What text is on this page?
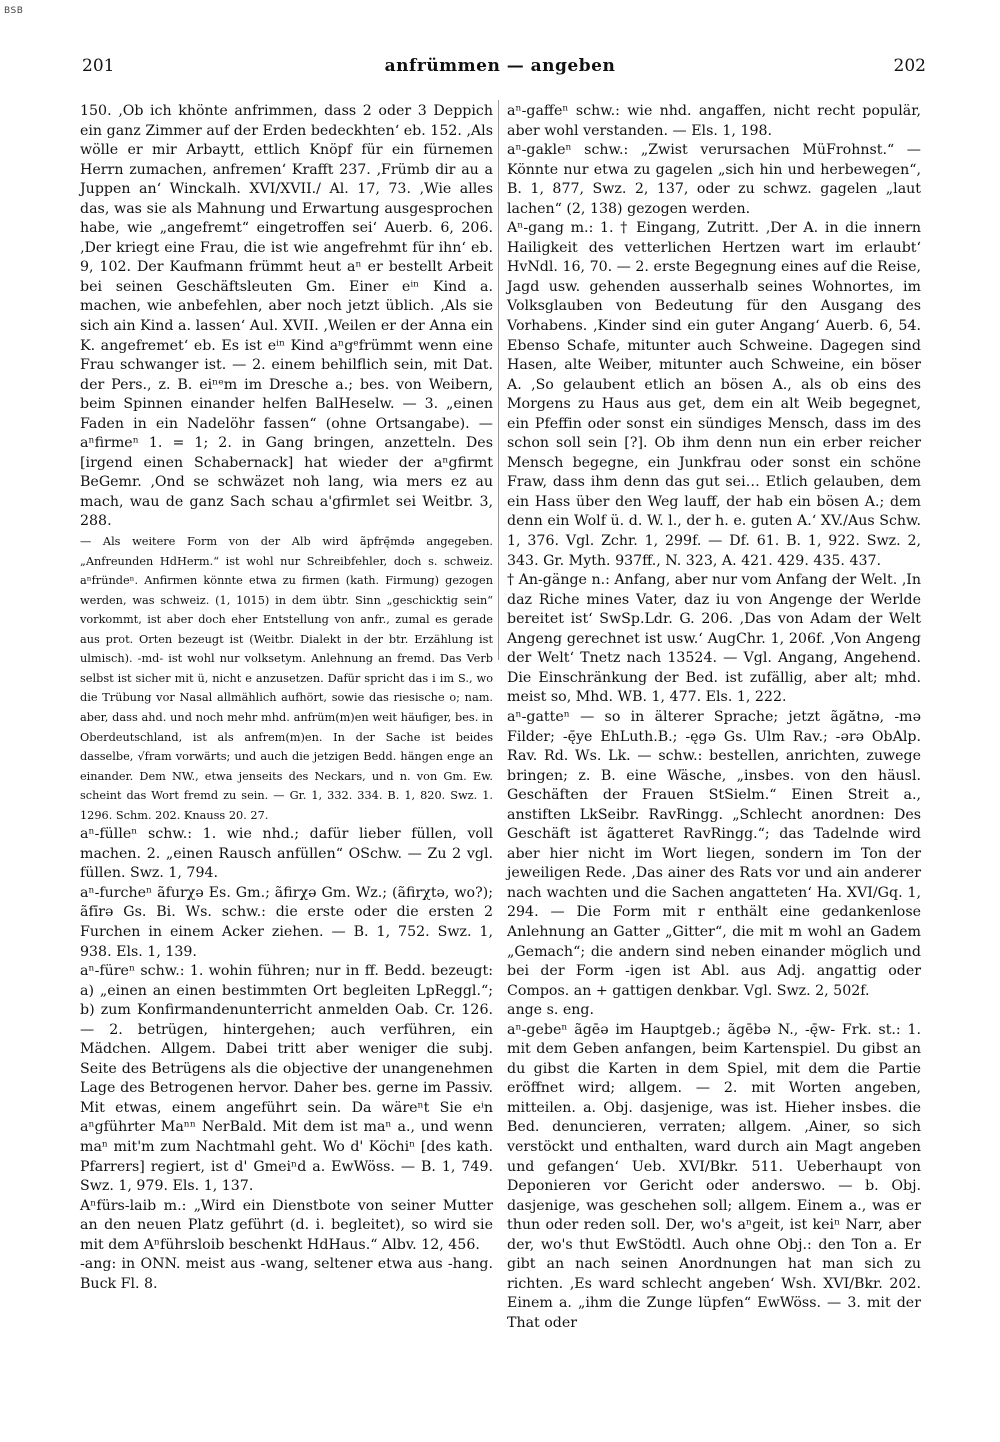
BSB
201	anfrümmen — angeben	202

150. ‚Ob ich khönte anfrimmen, dass 2 oder 3 Deppich ein ganz Zimmer auf der Erden bedeckhten‘ eb. 152. ‚Als wölle er mir Arbaytt, ettlich Knöpf für ein fürnemen Herrn zumachen, anfremen‘ Krafft 237. ‚Frümb dir au a Juppen an‘ Winckalh. XVI/XVII./ Al. 17, 73. ‚Wie alles das, was sie als Mahnung und Erwartung ausgesprochen habe, wie „angefremt“ eingetroffen sei‘ Auerb. 6, 206. ‚Der kriegt eine Frau, die ist wie angefrehmt für ihn‘ eb. 9, 102. Der Kaufmann frümmt heut aⁿ er bestellt Arbeit bei seinen Geschäftsleuten Gm. Einer eⁱⁿ Kind a. machen, wie anbefehlen, aber noch jetzt üblich. ‚Als sie sich ain Kind a. lassen‘ Aul. XVII. ‚Weilen er der Anna ein K. angefremet‘ eb. Es ist eⁱⁿ Kind aⁿgᵉfrümmt wenn eine Frau schwanger ist. — 2. einem behilflich sein, mit Dat. der Pers., z. B. eiⁿᵉm im Dresche a.; bes. von Weibern, beim Spinnen einander helfen BalHeselw. — 3. „einen Faden in ein Nadelöhr fassen“ (ohne Ortsangabe). — aⁿfirmeⁿ 1. = 1; 2. in Gang bringen, anzetteln. Des [irgend einen Schabernack] hat wieder der aⁿgfirmt BeGemr. ‚Ond se schwäzet noh lang, wia mers ez au mach, wau de ganz Sach schau a'gfirmlet sei Weitbr. 3, 288.

— Als weitere Form von der Alb wird ãpfrę̄mdə angegeben. „Anfreunden HdHerm.“ ist wohl nur Schreibfehler, doch s. schweiz. aⁿfründeⁿ. Anfirmen könnte etwa zu firmen (kath. Firmung) gezogen werden, was schweiz. (1, 1015) in dem übtr. Sinn „geschicktig sein“ vorkommt, ist aber doch eher Entstellung von anfr., zumal es gerade aus prot. Orten bezeugt ist (Weitbr. Dialekt in der btr. Erzählung ist ulmisch). -md- ist wohl nur volksetym. Anlehnung an fremd. Das Verb selbst ist sicher mit ü, nicht e anzusetzen. Dafür spricht das i im S., wo die Trübung vor Nasal allmählich aufhört, sowie das riesische o; nam. aber, dass ahd. und noch mehr mhd. anfrüm(m)en weit häufiger, bes. in Oberdeutschland, ist als anfrem(m)en. In der Sache ist beides dasselbe, √fram vorwärts; und auch die jetzigen Bedd. hängen enge an einander. Dem NW., etwa jenseits des Neckars, und n. von Gm. Ew. scheint das Wort fremd zu sein. — Gr. 1, 332. 334. B. 1, 820. Swz. 1. 1296. Schm. 202. Knauss 20. 27.

aⁿ-fülleⁿ schw.: 1. wie nhd.; dafür lieber füllen, voll machen. 2. „einen Rausch anfüllen“ OSchw. — Zu 2 vgl. füllen. Swz. 1, 794.

aⁿ-furcheⁿ ãfurχə Es. Gm.; ãfirχə Gm. Wz.; (ãfirχtə, wo?); ãfīrə Gs. Bi. Ws. schw.: die erste oder die ersten 2 Furchen in einem Acker ziehen. — B. 1, 752. Swz. 1, 938. Els. 1, 139.

aⁿ-füreⁿ schw.: 1. wohin führen; nur in ff. Bedd. bezeugt: a) „einen an einen bestimmten Ort begleiten LpReggl.“; b) zum Konfirmandenunterricht anmelden Oab. Cr. 126. — 2. betrügen, hintergehen; auch verführen, ein Mädchen. Allgem. Dabei tritt aber weniger die subj. Seite des Betrügens als die objective der unangenehmen Lage des Betrogenen hervor. Daher bes. gerne im Passiv. Mit etwas, einem angeführt sein. Da wäreⁿt Sie eⁱn aⁿgführter Maⁿⁿ NerBald. Mit dem ist maⁿ a., und wenn maⁿ mit'm zum Nachtmahl geht. Wo d' Köchiⁿ [des kath. Pfarrers] regiert, ist d' Gmeiⁿd a. EwWöss. — B. 1, 749. Swz. 1, 979. Els. 1, 137.

Aⁿfürs-laib m.: „Wird ein Dienstbote von seiner Mutter an den neuen Platz geführt (d. i. begleitet), so wird sie mit dem Aⁿführsloib beschenkt HdHaus.“ Albv. 12, 456.

-ang: in ONN. meist aus -wang, seltener etwa aus -hang. Buck Fl. 8.

aⁿ-gaffeⁿ schw.: wie nhd. angaffen, nicht recht populär, aber wohl verstanden. — Els. 1, 198.

aⁿ-gakleⁿ schw.: „Zwist verursachen MüFrohnst.“ — Könnte nur etwa zu gagelen „sich hin und herbewegen“, B. 1, 877, Swz. 2, 137, oder zu schwz. gagelen „laut lachen“ (2, 138) gezogen werden.

Aⁿ-gang m.: 1. † Eingang, Zutritt. ‚Der A. in die innern Hailigkeit des vetterlichen Hertzen wart im erlaubt‘ HvNdl. 16, 70. — 2. erste Begegnung eines auf die Reise, Jagd usw. gehenden ausserhalb seines Wohnortes, im Volksglauben von Bedeutung für den Ausgang des Vorhabens. ‚Kinder sind ein guter Angang‘ Auerb. 6, 54. Ebenso Schafe, mitunter auch Schweine. Dagegen sind Hasen, alte Weiber, mitunter auch Schweine, ein böser A. ‚So gelaubent etlich an bösen A., als ob eins des Morgens zu Haus aus get, dem ein alt Weib begegnet, ein Pfeffin oder sonst ein sündiges Mensch, dass im des schon soll sein [?]. Ob ihm denn nun ein erber reicher Mensch begegne, ein Junkfrau oder sonst ein schöne Fraw, dass ihm denn das gut sei… Etlich gelauben, dem ein Hass über den Weg lauff, der hab ein bösen A.; dem denn ein Wolf ü. d. W. l., der h. e. guten A.‘ XV./Aus Schw. 1, 376. Vgl. Zchr. 1, 299f. — Df. 61. B. 1, 922. Swz. 2, 343. Gr. Myth. 937ff., N. 323, A. 421. 429. 435. 437.

† An-gänge n.: Anfang, aber nur vom Anfang der Welt. ‚In daz Riche mines Vater, daz iu von Angenge der Werlde bereitet ist‘ SwSp.Ldr. G. 206. ‚Das von Adam der Welt Angeng gerechnet ist usw.‘ AugChr. 1, 206f. ‚Von Angeng der Welt‘ Tnetz nach 13524. — Vgl. Angang, Angehend. Die Einschränkung der Bed. ist zufällig, aber alt; mhd. meist so, Mhd. WB. 1, 477. Els. 1, 222.

aⁿ-gatteⁿ — so in älterer Sprache; jetzt ãgătnə, -mə Filder; -ę̄ye EhLuth.B.; -ęgə Gs. Ulm Rav.; -ərə ObAlp. Rav. Rd. Ws. Lk. — schw.: bestellen, anrichten, zuwege bringen; z. B. eine Wäsche, „insbes. von den häusl. Geschäften der Frauen StSielm.“ Einen Streit a., anstiften LkSeibr. RavRingg. „Schlecht anordnen: Des Geschäft ist ãgatteret RavRingg.“; das Tadelnde wird aber hier nicht im Wort liegen, sondern im Ton der jeweiligen Rede. ‚Das ainer des Rats vor und ain anderer nach wachten und die Sachen angatteten‘ Ha. XVI/Gq. 1, 294. — Die Form mit r enthält eine gedankenlose Anlehnung an Gatter „Gitter“, die mit m wohl an Gadem „Gemach“; die andern sind neben einander möglich und bei der Form -igen ist Abl. aus Adj. angattig oder Compos. an + gattigen denkbar. Vgl. Swz. 2, 502f.

ange s. eng.

aⁿ-gebeⁿ ãgēə im Hauptgeb.; ãgēbə N., -ę̄w- Frk. st.: 1. mit dem Geben anfangen, beim Kartenspiel. Du gibst an du gibst die Karten in dem Spiel, mit dem die Partie eröffnet wird; allgem. — 2. mit Worten angeben, mitteilen. a. Obj. dasjenige, was ist. Hieher insbes. die Bed. denuncieren, verraten; allgem. ‚Ainer, so sich verstöckt und enthalten, ward durch ain Magt angeben und gefangen‘ Ueb. XVI/Bkr. 511. Ueberhaupt von Deponieren vor Gericht oder anderswo. — b. Obj. dasjenige, was geschehen soll; allgem. Einem a., was er thun oder reden soll. Der, wo's aⁿgeit, ist keiⁿ Narr, aber der, wo's thut EwStödtl. Auch ohne Obj.: den Ton a. Er gibt an nach seinen Anordnungen hat man sich zu richten. ‚Es ward schlecht angeben‘ Wsh. XVI/Bkr. 202. Einem a. „ihm die Zunge lüpfen“ EwWöss. — 3. mit der That oder
